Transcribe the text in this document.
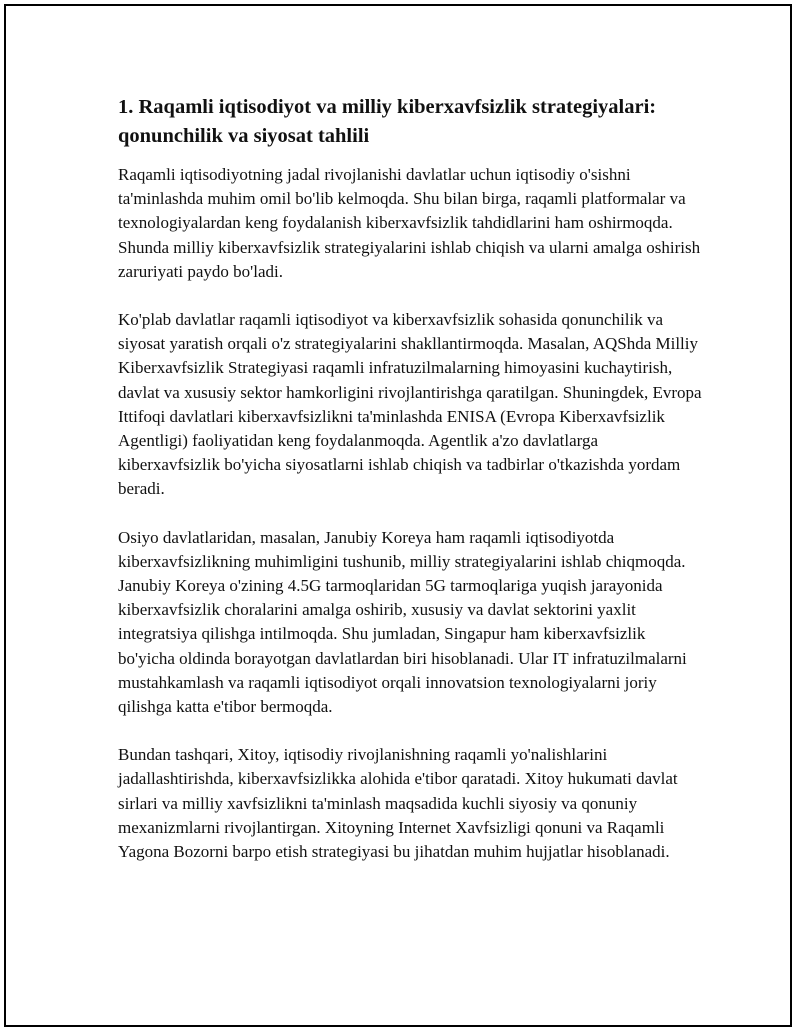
1. Raqamli iqtisodiyot va milliy kiberxavfsizlik strategiyalari: qonunchilik va siyosat tahlili

Raqamli iqtisodiyotning jadal rivojlanishi davlatlar uchun iqtisodiy o'sishni ta'minlashda muhim omil bo'lib kelmoqda. Shu bilan birga, raqamli platformalar va texnologiyalardan keng foydalanish kiberxavfsizlik tahdidlarini ham oshirmoqda. Shunda milliy kiberxavfsizlik strategiyalarini ishlab chiqish va ularni amalga oshirish zaruriyati paydo bo'ladi.

Ko'plab davlatlar raqamli iqtisodiyot va kiberxavfsizlik sohasida qonunchilik va siyosat yaratish orqali o'z strategiyalarini shakllantirmoqda. Masalan, AQShda Milliy Kiberxavfsizlik Strategiyasi raqamli infratuzilmalarning himoyasini kuchaytirish, davlat va xususiy sektor hamkorligini rivojlantirishga qaratilgan. Shuningdek, Evropa Ittifoqi davlatlari kiberxavfsizlikni ta'minlashda ENISA (Evropa Kiberxavfsizlik Agentligi) faoliyatidan keng foydalanmoqda. Agentlik a'zo davlatlarga kiberxavfsizlik bo'yicha siyosatlarni ishlab chiqish va tadbirlar o'tkazishda yordam beradi.

Osiyo davlatlaridan, masalan, Janubiy Koreya ham raqamli iqtisodiyotda kiberxavfsizlikning muhimligini tushunib, milliy strategiyalarini ishlab chiqmoqda. Janubiy Koreya o'zining 4.5G tarmoqlaridan 5G tarmoqlariga yuqish jarayonida kiberxavfsizlik choralarini amalga oshirib, xususiy va davlat sektorini yaxlit integratsiya qilishga intilmoqda. Shu jumladan, Singapur ham kiberxavfsizlik bo'yicha oldinda borayotgan davlatlardan biri hisoblanadi. Ular IT infratuzilmalarni mustahkamlash va raqamli iqtisodiyot orqali innovatsion texnologiyalarni joriy qilishga katta e'tibor bermoqda.

Bundan tashqari, Xitoy, iqtisodiy rivojlanishning raqamli yo'nalishlarini jadallashtirishda, kiberxavfsizlikka alohida e'tibor qaratadi. Xitoy hukumati davlat sirlari va milliy xavfsizlikni ta'minlash maqsadida kuchli siyosiy va qonuniy mexanizmlarni rivojlantirgan. Xitoyning Internet Xavfsizligi qonuni va Raqamli Yagona Bozorni barpo etish strategiyasi bu jihatdan muhim hujjatlar hisoblanadi.
